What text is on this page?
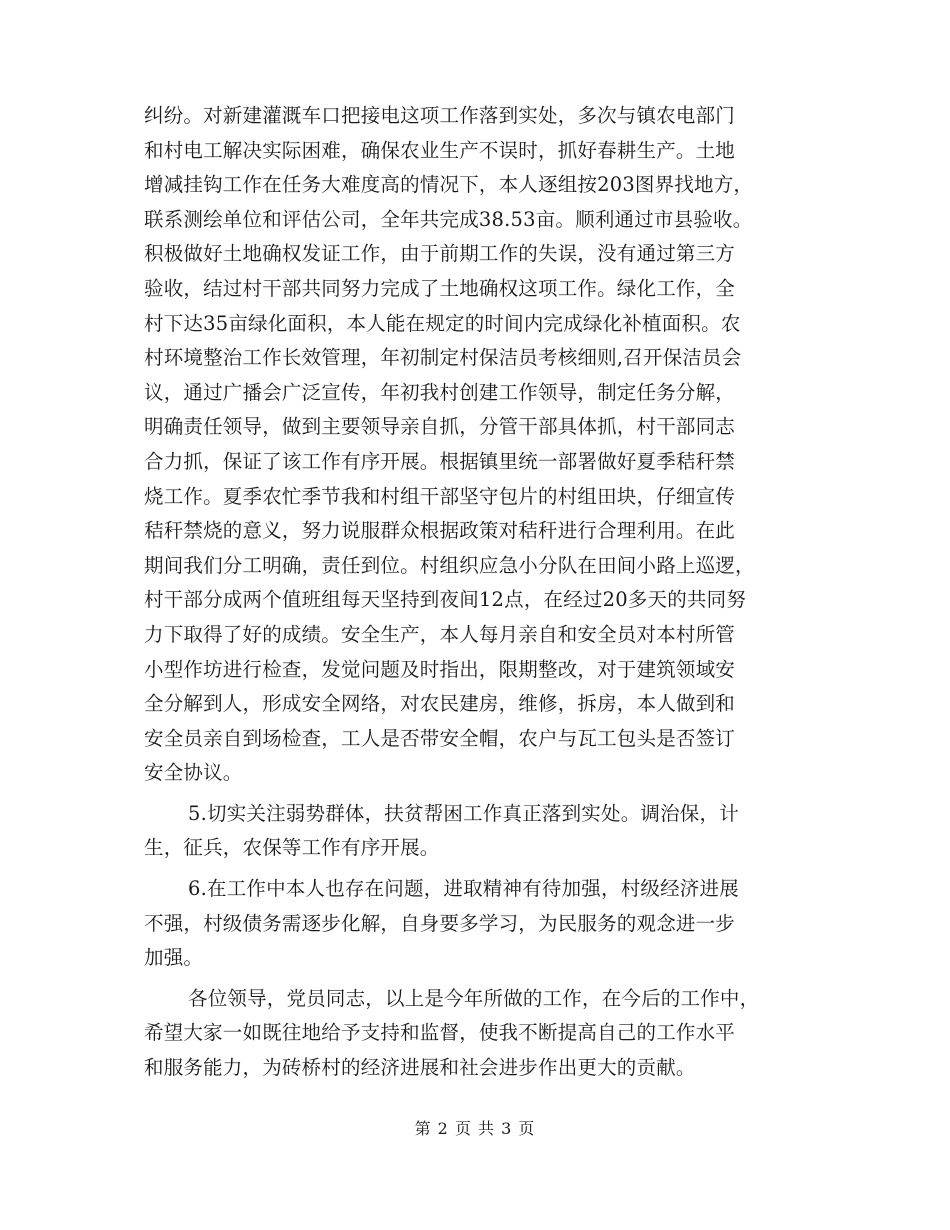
纠纷。对新建灌溉车口把接电这项工作落到实处，多次与镇农电部门
和村电工解决实际困难，确保农业生产不误时，抓好春耕生产。土地
增减挂钩工作在任务大难度高的情况下，本人逐组按203图界找地方，
联系测绘单位和评估公司，全年共完成38.53亩。顺利通过市县验收。
积极做好土地确权发证工作，由于前期工作的失误，没有通过第三方
验收，结过村干部共同努力完成了土地确权这项工作。绿化工作，全
村下达35亩绿化面积，本人能在规定的时间内完成绿化补植面积。农
村环境整治工作长效管理，年初制定村保洁员考核细则,召开保洁员会
议，通过广播会广泛宣传，年初我村创建工作领导，制定任务分解，
明确责任领导，做到主要领导亲自抓，分管干部具体抓，村干部同志
合力抓，保证了该工作有序开展。根据镇里统一部署做好夏季秸秆禁
烧工作。夏季农忙季节我和村组干部坚守包片的村组田块，仔细宣传
秸秆禁烧的意义，努力说服群众根据政策对秸秆进行合理利用。在此
期间我们分工明确，责任到位。村组织应急小分队在田间小路上巡逻，
村干部分成两个值班组每天坚持到夜间12点，在经过20多天的共同努
力下取得了好的成绩。安全生产，本人每月亲自和安全员对本村所管
小型作坊进行检查，发觉问题及时指出，限期整改，对于建筑领域安
全分解到人，形成安全网络，对农民建房，维修，拆房，本人做到和
安全员亲自到场检查，工人是否带安全帽，农户与瓦工包头是否签订
安全协议。
5.切实关注弱势群体，扶贫帮困工作真正落到实处。调治保，计
生，征兵，农保等工作有序开展。
6.在工作中本人也存在问题，进取精神有待加强，村级经济进展
不强，村级债务需逐步化解，自身要多学习，为民服务的观念进一步
加强。
各位领导，党员同志，以上是今年所做的工作，在今后的工作中，
希望大家一如既往地给予支持和监督，使我不断提高自己的工作水平
和服务能力，为砖桥村的经济进展和社会进步作出更大的贡献。
第 2 页 共 3 页
